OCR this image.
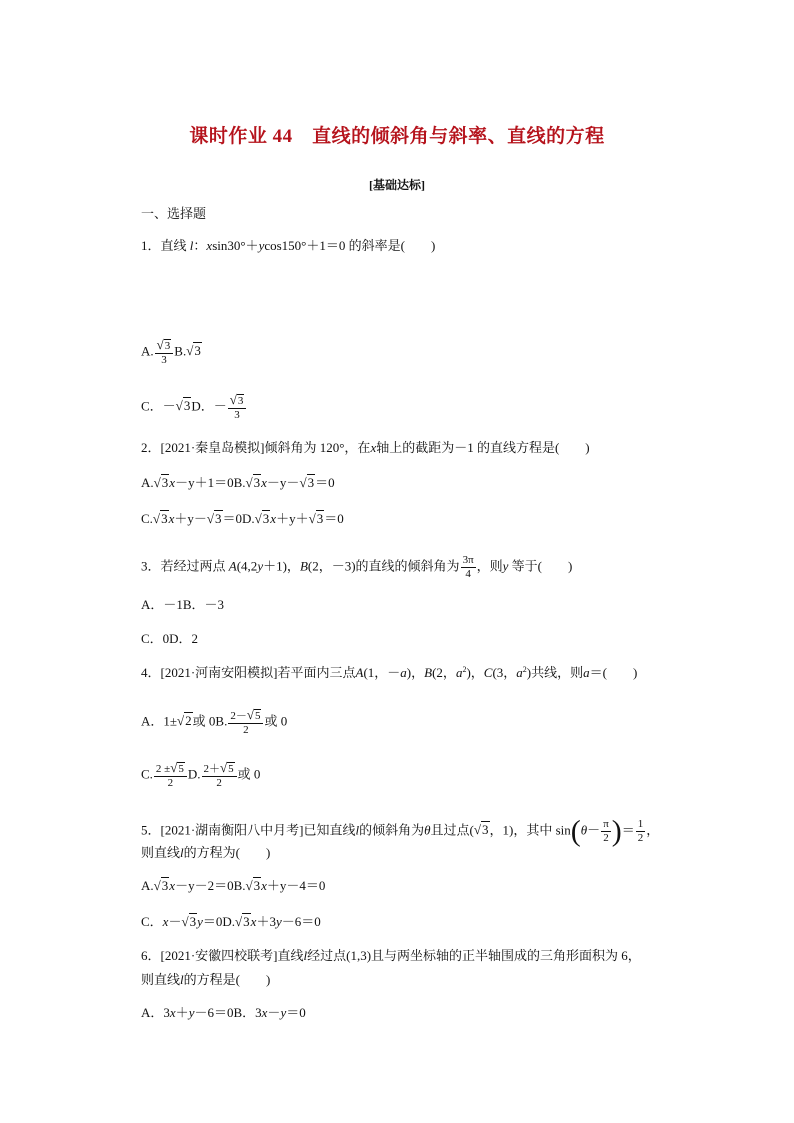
课时作业 44　直线的倾斜角与斜率、直线的方程
[基础达标]
一、选择题
1．直线 l：xsin30°＋ycos150°＋1＝0 的斜率是(　　)
A. $\frac{√3}{3} B.√3$
C．－√3D．－ $\frac{√3}{3}$
2．[2021·秦皇岛模拟]倾斜角为 120°，在x轴上的截距为－1 的直线方程是(　　)
A.√3x－y＋1＝0B.√3x－y－√3＝0
C.√3x＋y－√3＝0D.√3x＋y＋√3＝0
3．若经过两点 A(4,2y＋1)，B(2，－3)的直线的倾斜角为 $\frac{3\pi}{4}$ ，则y 等于(　　)
A．－1B．－3
C．0D．2
4．[2021·河南安阳模拟]若平面内三点A(1，－a)，B(2，$a^2$)，C(3，$a^2$)共线，则a＝(　　)
A．1±√2或 0B. $\frac{2-√5}{2}$ 或 0
C. $\frac{2 \pm√5}{2} D$. $\frac{2+√5}{2}$ 或 0
5．[2021·湖南衡阳八中月考]已知直线l的倾斜角为θ且过点(√3，1)，其中 $\sin(\theta- \frac{\pi}{2}$ )＝ $\frac{1}{2}$ ，
则直线l的方程为(　　)
A.√3x－y－2＝0B.√3x＋y－4＝0
C．x－√3y＝0D.√3x＋3y－6＝0
6．[2021·安徽四校联考]直线l经过点(1,3)且与两坐标轴的正半轴围成的三角形面积为 6，
则直线l的方程是(　　)
A．3x＋y－6＝0B．3x－y＝0
